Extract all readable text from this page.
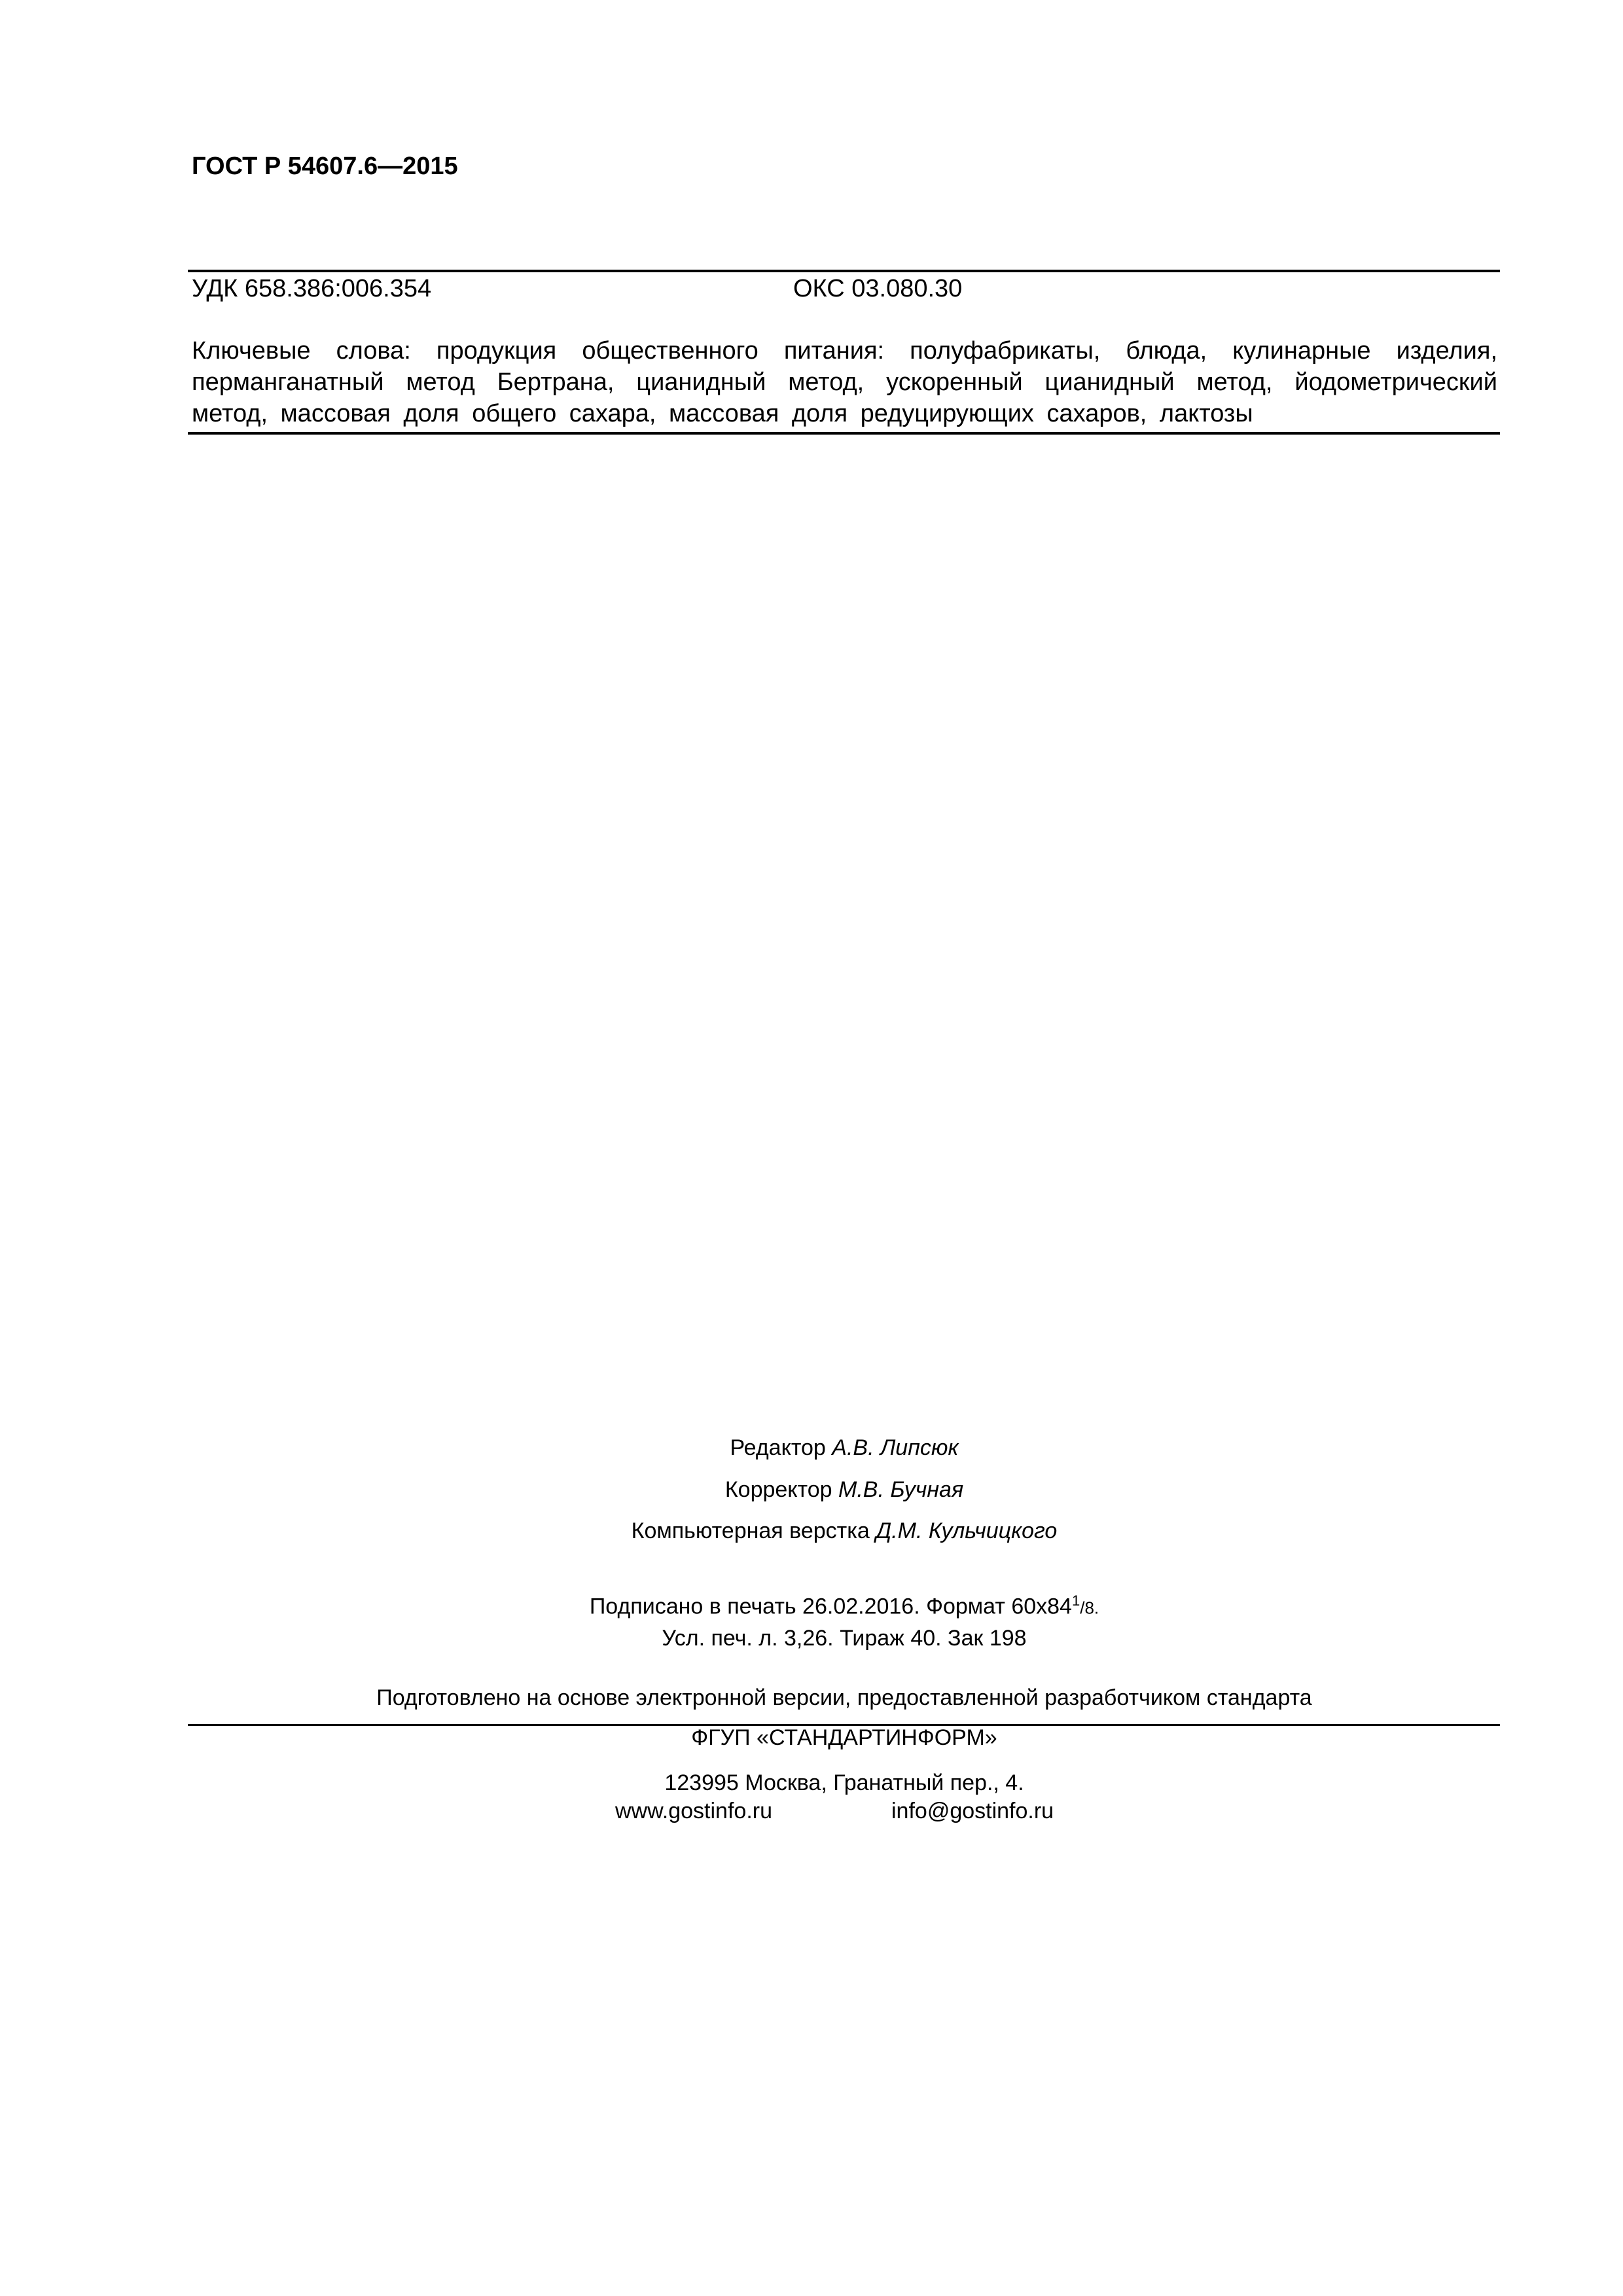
ГОСТ Р 54607.6—2015
УДК 658.386:006.354	ОКС 03.080.30
Ключевые слова: продукция общественного питания: полуфабрикаты, блюда, кулинарные изделия,
перманганатный метод Бертрана, цианидный метод, ускоренный цианидный метод, йодометрический
метод, массовая доля общего сахара, массовая доля редуцирующих сахаров, лактозы
Редактор А.В. Липсюк
Корректор М.В. Бучная
Компьютерная верстка Д.М. Кульчицкого
Подписано в печать 26.02.2016. Формат $60х84^1/8$.
Усл. печ. л. 3,26. Тираж 40. Зак 198
Подготовлено на основе электронной версии, предоставленной разработчиком стандарта
ФГУП «СТАНДАРТИНФОРМ»
123995 Москва, Гранатный пер., 4.
www.gostinfo.ru	info@gostinfo.ru
